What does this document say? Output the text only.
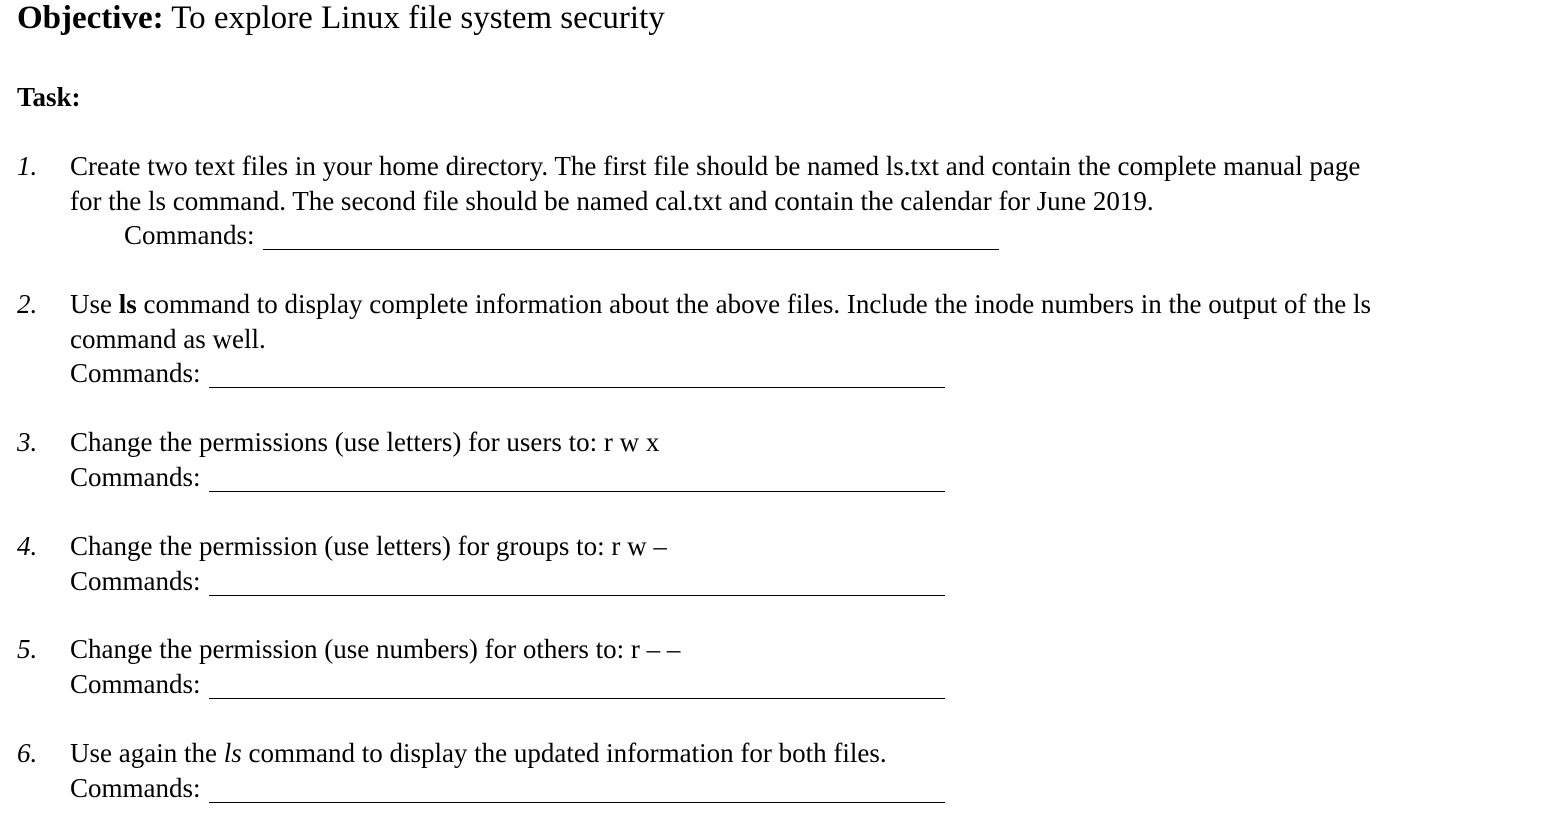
Objective: To explore Linux file system security
Task:
1. Create two text files in your home directory. The first file should be named ls.txt and contain the complete manual page
for the ls command. The second file should be named cal.txt and contain the calendar for June 2019.
Commands:
2. Use ls command to display complete information about the above files. Include the inode numbers in the output of the ls
command as well.
Commands:
3. Change the permissions (use letters) for users to: r w x
Commands:
4. Change the permission (use letters) for groups to: r w –
Commands:
5. Change the permission (use numbers) for others to: r – –
Commands:
6. Use again the ls command to display the updated information for both files.
Commands:
